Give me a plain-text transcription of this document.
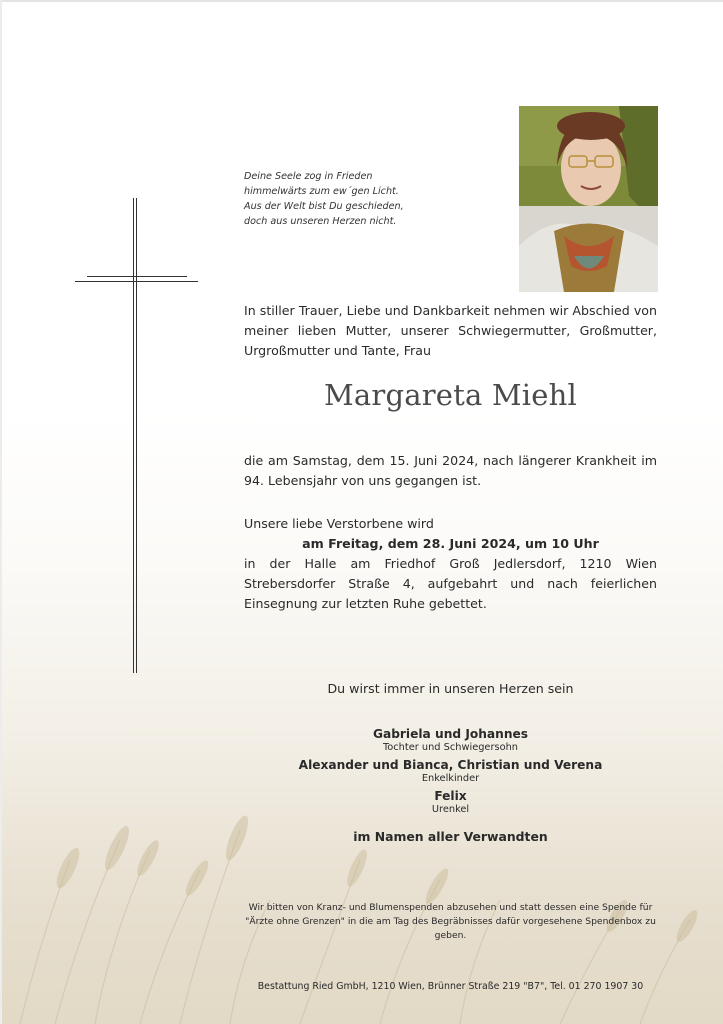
Deine Seele zog in Frieden
himmelwärts zum ew´gen Licht.
Aus der Welt bist Du geschieden,
doch aus unseren Herzen nicht.
In stiller Trauer, Liebe und Dankbarkeit nehmen wir Abschied von meiner lieben Mutter, unserer Schwiegermutter, Großmutter, Urgroßmutter und Tante, Frau
Margareta Miehl
die am Samstag, dem 15. Juni 2024, nach längerer Krankheit im 94. Lebensjahr von uns gegangen ist.
Unsere liebe Verstorbene wird
am Freitag, dem 28. Juni 2024, um 10 Uhr
in der Halle am Friedhof Groß Jedlersdorf, 1210 Wien Strebersdorfer Straße 4, aufgebahrt und nach feierlichen Einsegnung zur letzten Ruhe gebettet.
Du wirst immer in unseren Herzen sein
Gabriela und Johannes
Tochter und Schwiegersohn
Alexander und Bianca, Christian und Verena
Enkelkinder
Felix
Urenkel
im Namen aller Verwandten
Wir bitten von Kranz- und Blumenspenden abzusehen und statt dessen eine Spende für "Ärzte ohne Grenzen" in die am Tag des Begräbnisses dafür vorgesehene Spendenbox zu geben.
Bestattung Ried GmbH, 1210 Wien, Brünner Straße 219 "B7", Tel. 01 270 1907 30
